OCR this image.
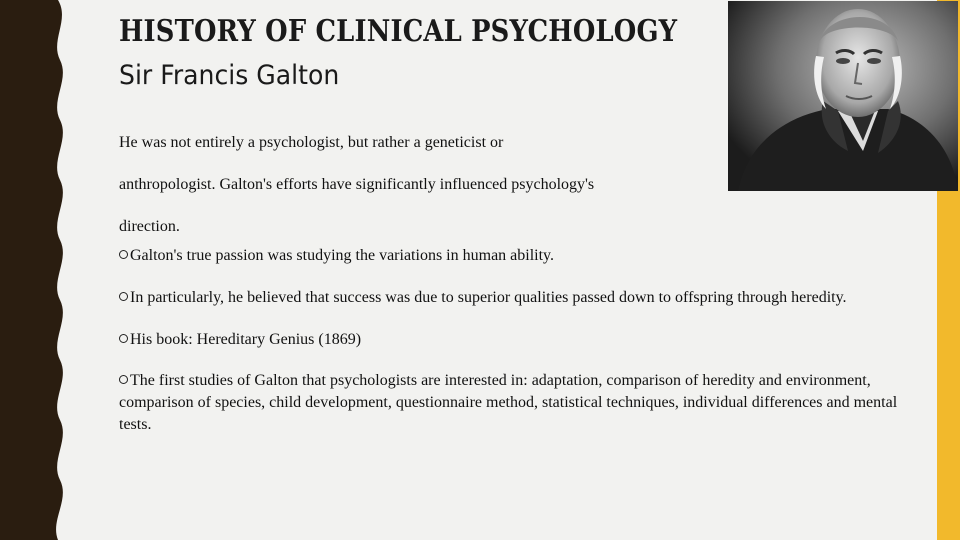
HISTORY OF CLINICAL PSYCHOLOGY
Sir Francis Galton
He was not entirely a psychologist, but rather a geneticist or
anthropologist. Galton's efforts have significantly influenced psychology's
direction.
Galton's true passion was studying the variations in human ability.
In particularly, he believed that success was due to superior qualities passed down to offspring through heredity.
His book: Hereditary Genius (1869)
The first studies of Galton that psychologists are interested in: adaptation, comparison of heredity and environment, comparison of species, child development, questionnaire method, statistical techniques, individual differences and mental tests.
